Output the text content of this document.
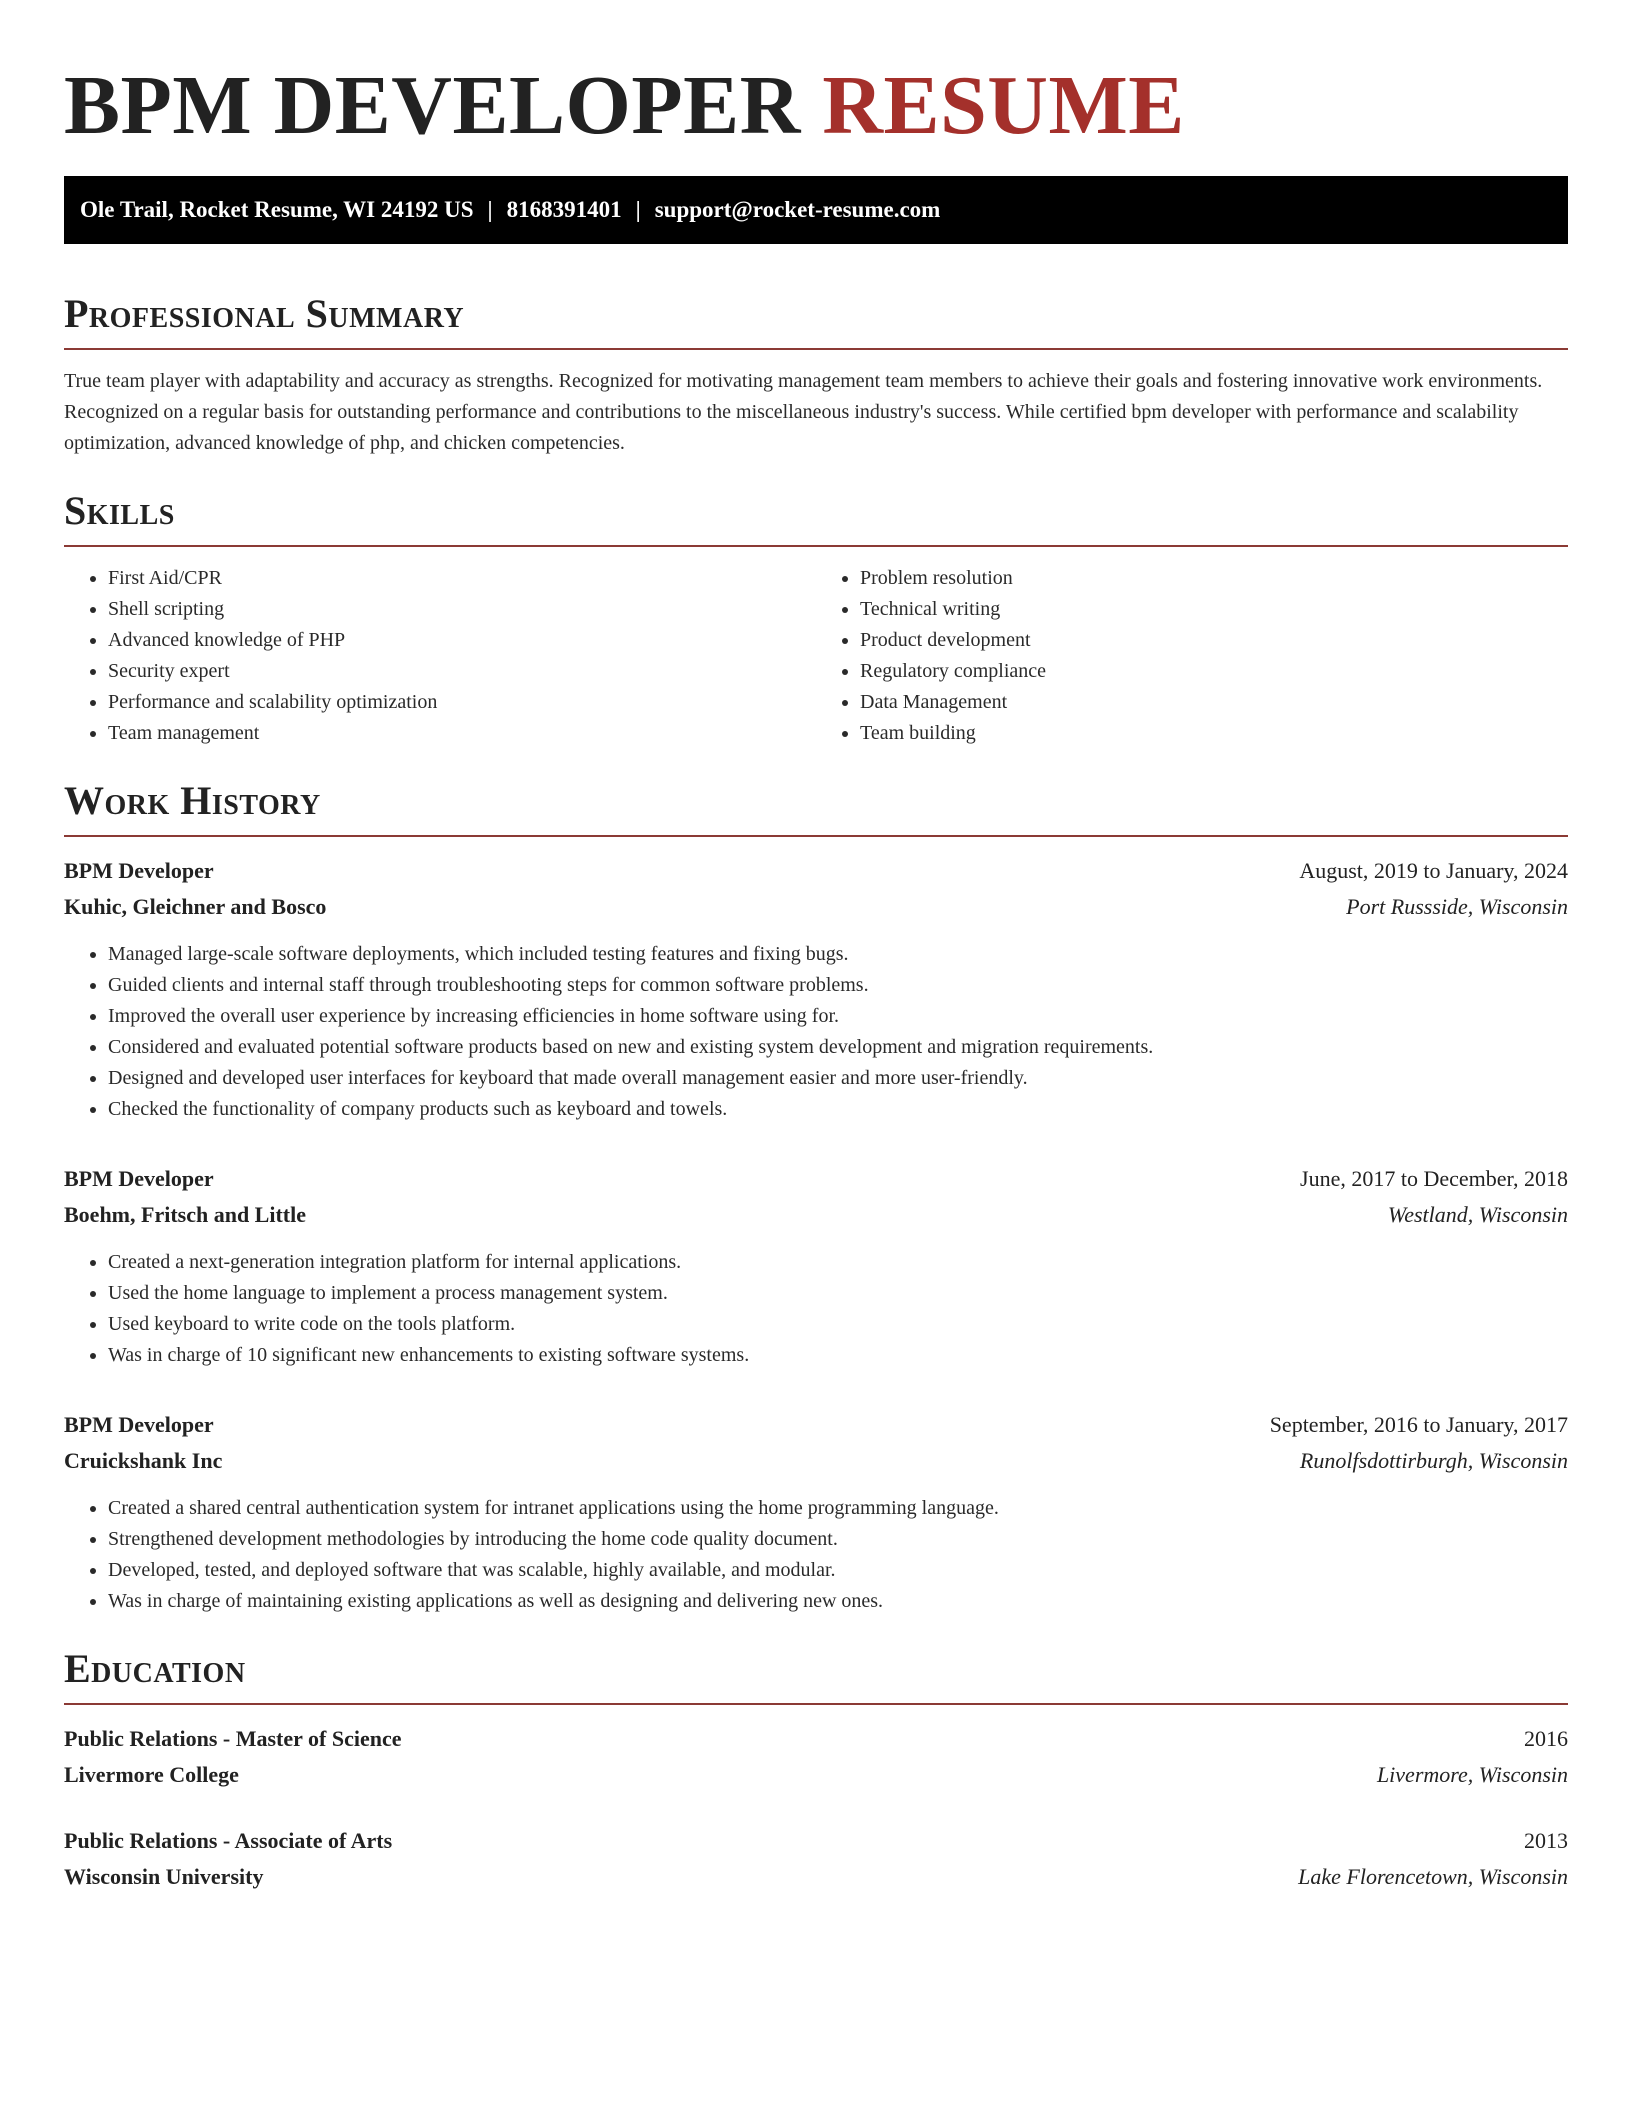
BPM DEVELOPER RESUME
Ole Trail, Rocket Resume, WI 24192 US | 8168391401 | support@rocket-resume.com
Professional Summary

True team player with adaptability and accuracy as strengths. Recognized for motivating management team members to achieve their goals and fostering innovative work environments. Recognized on a regular basis for outstanding performance and contributions to the miscellaneous industry's success. While certified bpm developer with performance and scalability optimization, advanced knowledge of php, and chicken competencies.

Skills
• First Aid/CPR
• Shell scripting
• Advanced knowledge of PHP
• Security expert
• Performance and scalability optimization
• Team management
• Problem resolution
• Technical writing
• Product development
• Regulatory compliance
• Data Management
• Team building
Work History
BPM Developer	August, 2019 to January, 2024
Kuhic, Gleichner and Bosco	Port Russside, Wisconsin
• Managed large-scale software deployments, which included testing features and fixing bugs.
• Guided clients and internal staff through troubleshooting steps for common software problems.
• Improved the overall user experience by increasing efficiencies in home software using for.
• Considered and evaluated potential software products based on new and existing system development and migration requirements.
• Designed and developed user interfaces for keyboard that made overall management easier and more user-friendly.
• Checked the functionality of company products such as keyboard and towels.
BPM Developer	June, 2017 to December, 2018
Boehm, Fritsch and Little	Westland, Wisconsin
• Created a next-generation integration platform for internal applications.
• Used the home language to implement a process management system.
• Used keyboard to write code on the tools platform.
• Was in charge of 10 significant new enhancements to existing software systems.
BPM Developer	September, 2016 to January, 2017
Cruickshank Inc	Runolfsdottirburgh, Wisconsin
• Created a shared central authentication system for intranet applications using the home programming language.
• Strengthened development methodologies by introducing the home code quality document.
• Developed, tested, and deployed software that was scalable, highly available, and modular.
• Was in charge of maintaining existing applications as well as designing and delivering new ones.
Education
Public Relations - Master of Science	2016
Livermore College	Livermore, Wisconsin
Public Relations - Associate of Arts	2013
Wisconsin University	Lake Florencetown, Wisconsin
